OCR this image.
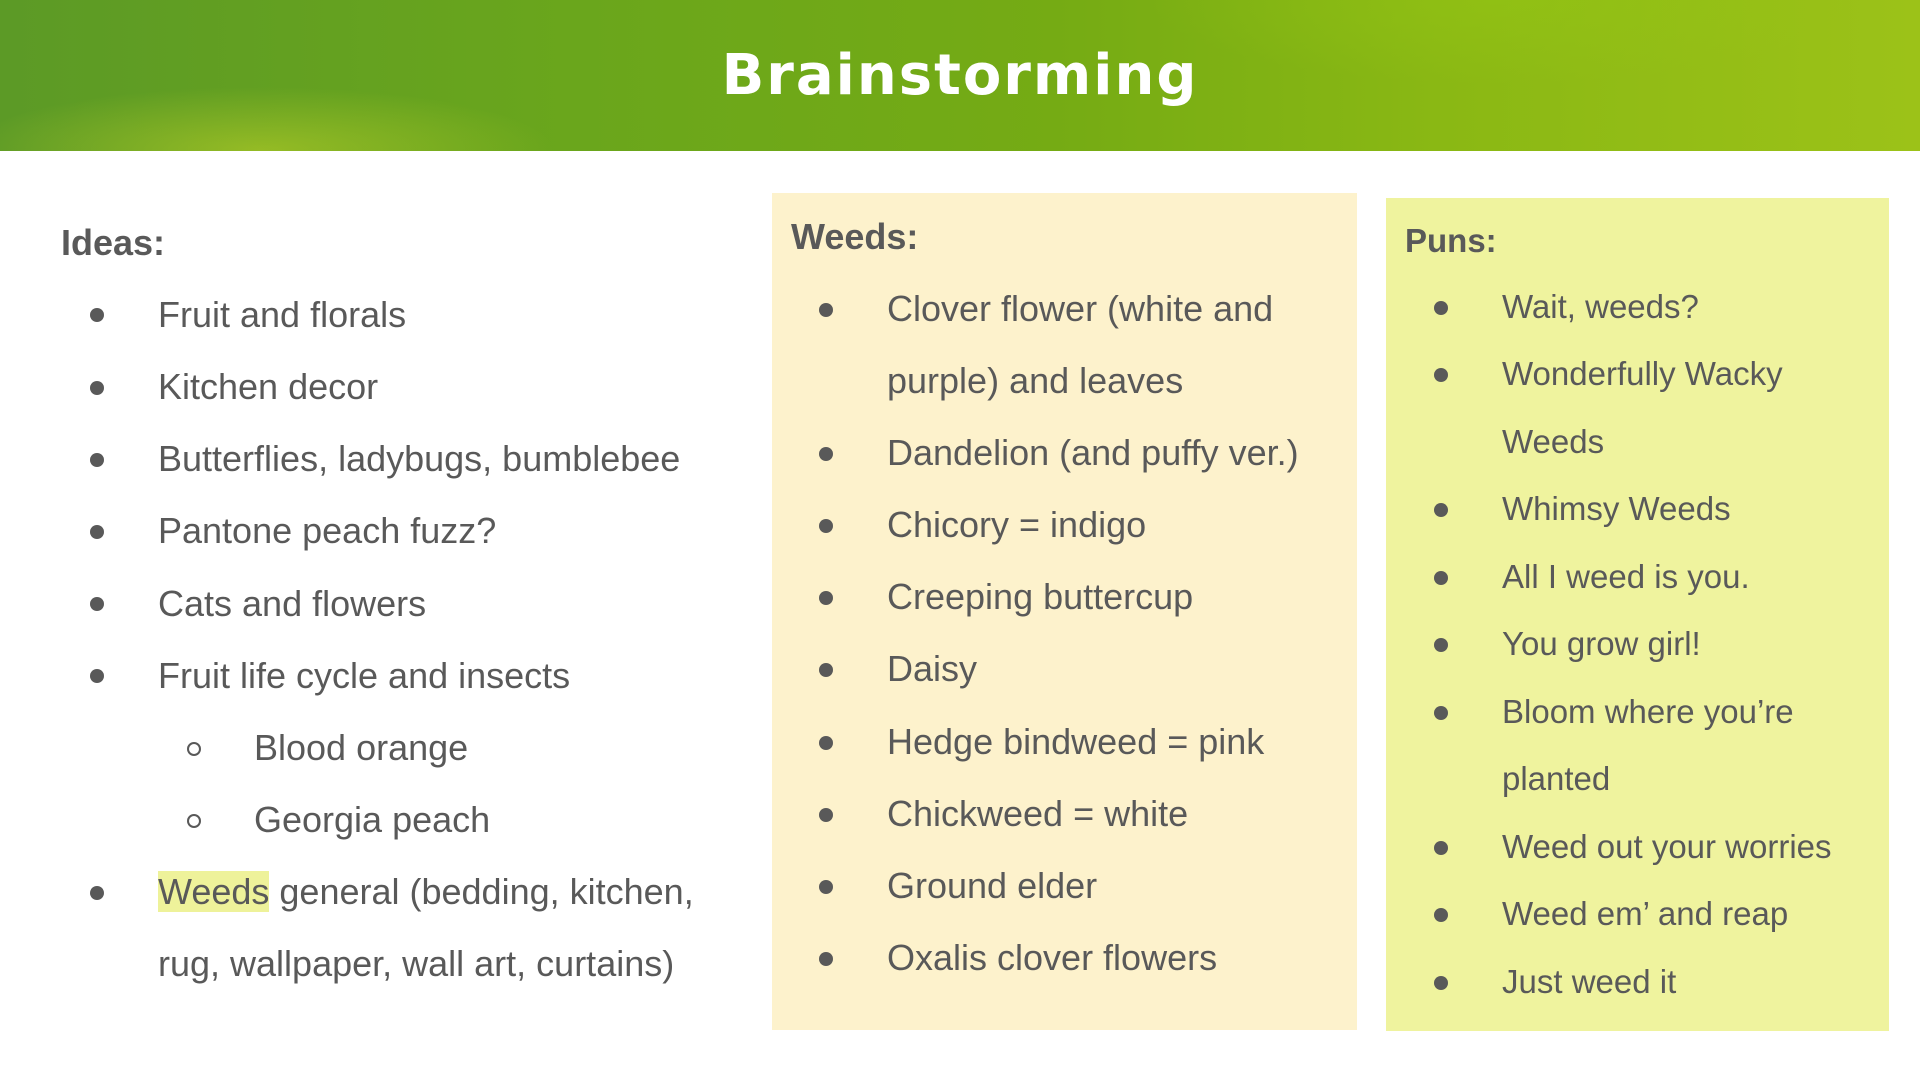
Brainstorming
Ideas:
Fruit and florals
Kitchen decor
Butterflies, ladybugs, bumblebee
Pantone peach fuzz?
Cats and flowers
Fruit life cycle and insects
Blood orange
Georgia peach
Weeds general (bedding, kitchen,
rug, wallpaper, wall art, curtains)
Weeds:
Clover flower (white and
purple) and leaves
Dandelion (and puffy ver.)
Chicory = indigo
Creeping buttercup
Daisy
Hedge bindweed = pink
Chickweed = white
Ground elder
Oxalis clover flowers
Puns:
Wait, weeds?
Wonderfully Wacky
Weeds
Whimsy Weeds
All I weed is you.
You grow girl!
Bloom where you’re
planted
Weed out your worries
Weed em’ and reap
Just weed it
